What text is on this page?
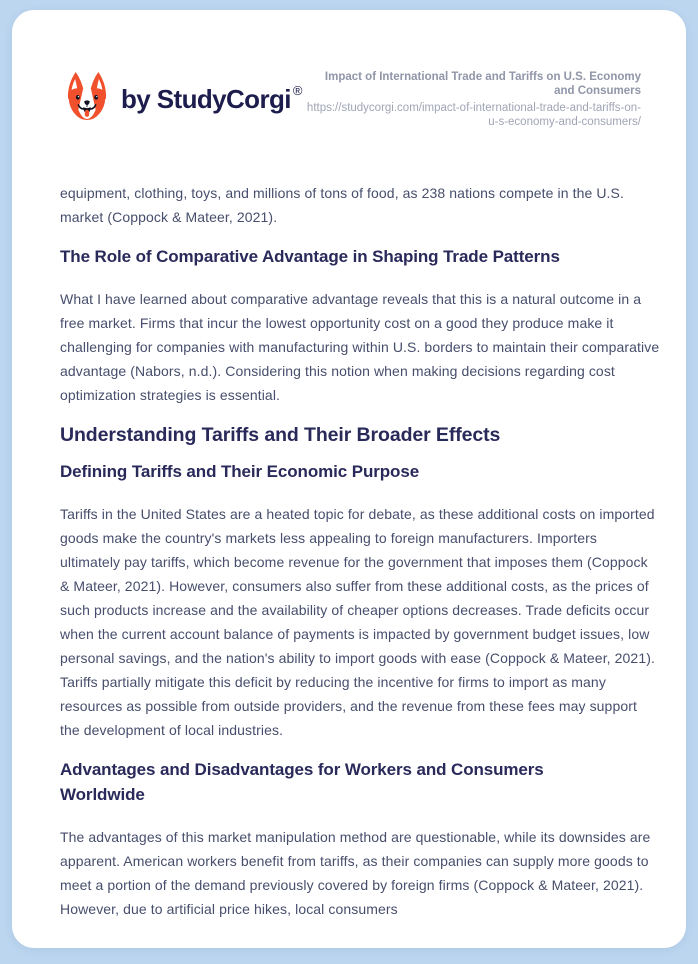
by StudyCorgi ®
Impact of International Trade and Tariffs on U.S. Economy and Consumers
https://studycorgi.com/impact-of-international-trade-and-tariffs-on-u-s-economy-and-consumers/

equipment, clothing, toys, and millions of tons of food, as 238 nations compete in the U.S. market (Coppock & Mateer, 2021).

The Role of Comparative Advantage in Shaping Trade Patterns

What I have learned about comparative advantage reveals that this is a natural outcome in a free market. Firms that incur the lowest opportunity cost on a good they produce make it challenging for companies with manufacturing within U.S. borders to maintain their comparative advantage (Nabors, n.d.). Considering this notion when making decisions regarding cost optimization strategies is essential.

Understanding Tariffs and Their Broader Effects
Defining Tariffs and Their Economic Purpose

Tariffs in the United States are a heated topic for debate, as these additional costs on imported goods make the country's markets less appealing to foreign manufacturers. Importers ultimately pay tariffs, which become revenue for the government that imposes them (Coppock & Mateer, 2021). However, consumers also suffer from these additional costs, as the prices of such products increase and the availability of cheaper options decreases. Trade deficits occur when the current account balance of payments is impacted by government budget issues, low personal savings, and the nation's ability to import goods with ease (Coppock & Mateer, 2021). Tariffs partially mitigate this deficit by reducing the incentive for firms to import as many resources as possible from outside providers, and the revenue from these fees may support the development of local industries.

Advantages and Disadvantages for Workers and Consumers Worldwide

The advantages of this market manipulation method are questionable, while its downsides are apparent. American workers benefit from tariffs, as their companies can supply more goods to meet a portion of the demand previously covered by foreign firms (Coppock & Mateer, 2021). However, due to artificial price hikes, local consumers
